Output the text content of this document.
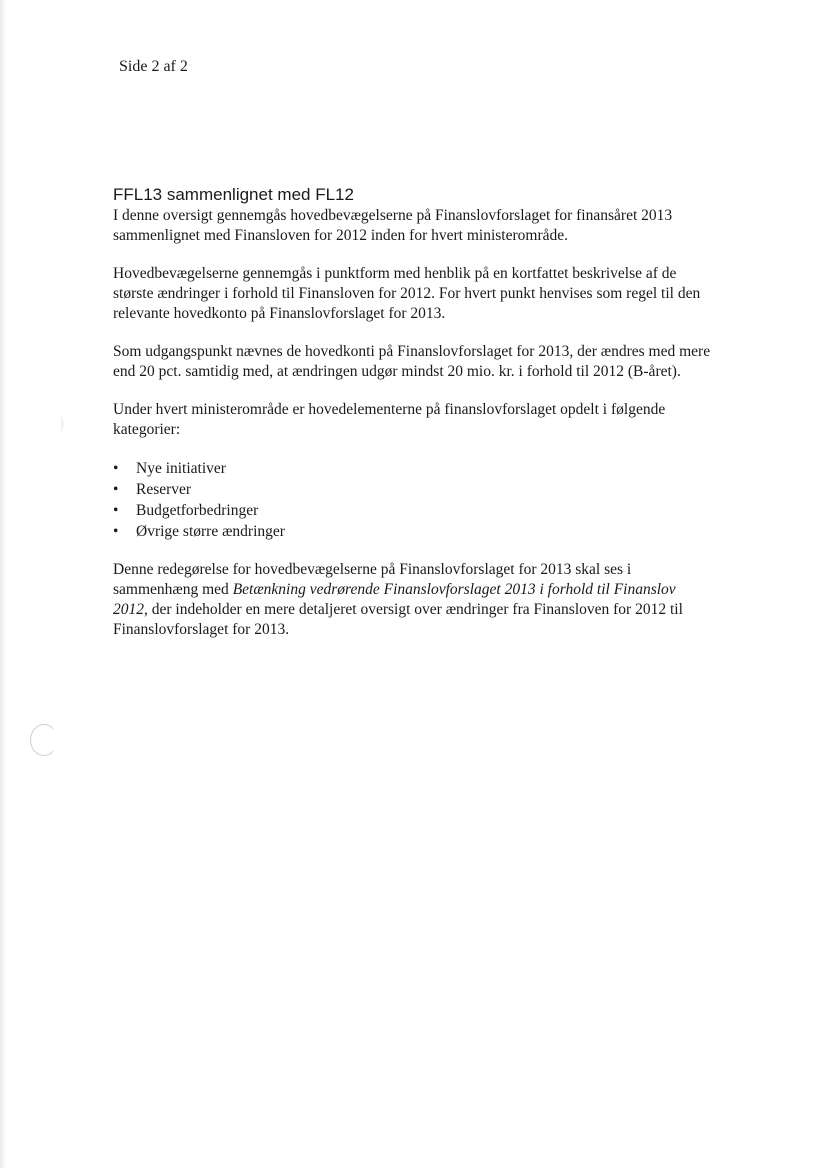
Side 2 af 2
FFL13 sammenlignet med FL12

I denne oversigt gennemgås hovedbevægelserne på Finanslovforslaget for finansåret 2013 sammenlignet med Finansloven for 2012 inden for hvert ministerområde.

Hovedbevægelserne gennemgås i punktform med henblik på en kortfattet beskrivelse af de største ændringer i forhold til Finansloven for 2012. For hvert punkt henvises som regel til den relevante hovedkonto på Finanslovforslaget for 2013.

Som udgangspunkt nævnes de hovedkonti på Finanslovforslaget for 2013, der ændres med mere end 20 pct. samtidig med, at ændringen udgør mindst 20 mio. kr. i forhold til 2012 (B-året).

Under hvert ministerområde er hovedelementerne på finanslovforslaget opdelt i følgende kategorier:

• Nye initiativer
• Reserver
• Budgetforbedringer
• Øvrige større ændringer

Denne redegørelse for hovedbevægelserne på Finanslovforslaget for 2013 skal ses i sammenhæng med Betænkning vedrørende Finanslovforslaget 2013 i forhold til Finanslov 2012, der indeholder en mere detaljeret oversigt over ændringer fra Finansloven for 2012 til Finanslovforslaget for 2013.
